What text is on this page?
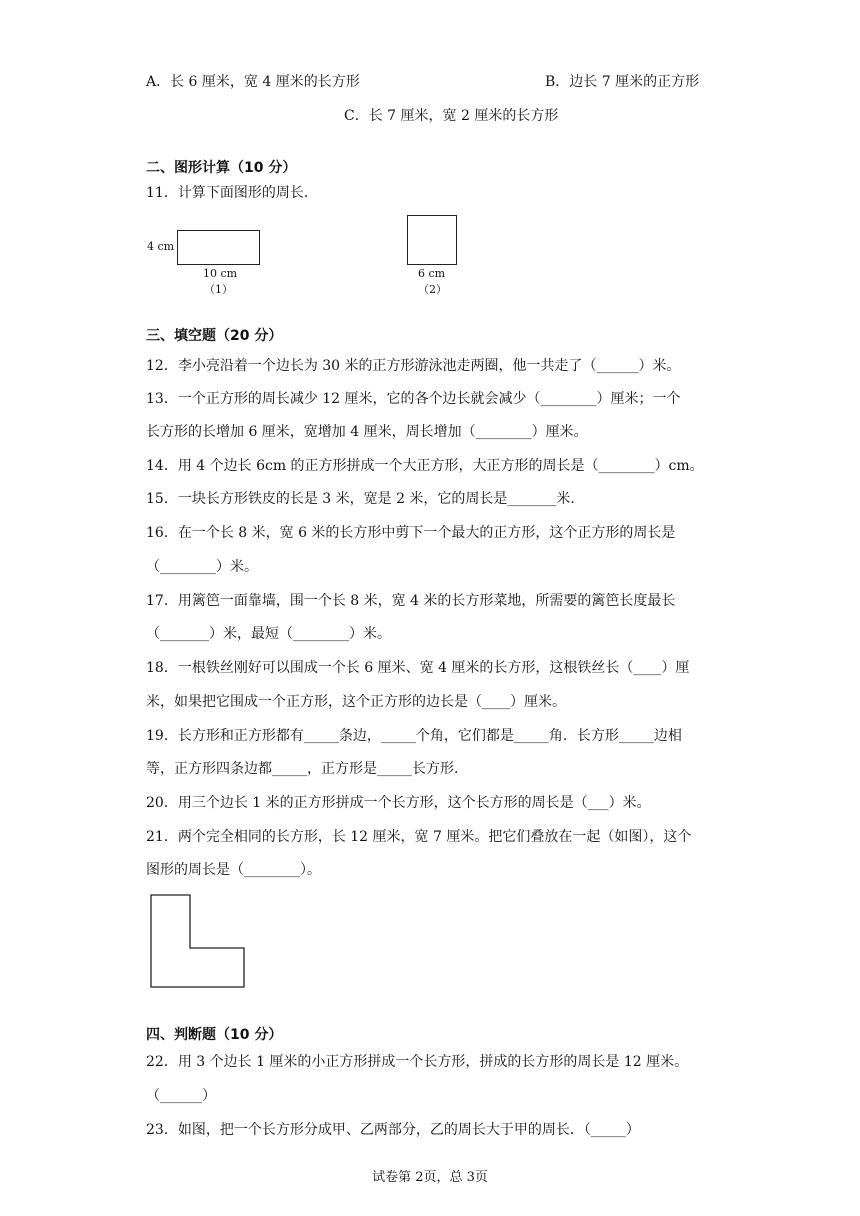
A．长 6 厘米，宽 4 厘米的长方形	B．边长 7 厘米的正方形
C．长 7 厘米，宽 2 厘米的长方形
二、图形计算（10 分）
11．计算下面图形的周长.
4 cm
10 cm
（1）
6 cm
（2）
三、填空题（20 分）
12．李小亮沿着一个边长为 30 米的正方形游泳池走两圈，他一共走了（______）米。
13．一个正方形的周长减少 12 厘米，它的各个边长就会减少（________）厘米；一个
长方形的长增加 6 厘米，宽增加 4 厘米，周长增加（________）厘米。
14．用 4 个边长 6cm 的正方形拼成一个大正方形，大正方形的周长是（________）cm。
15．一块长方形铁皮的长是 3 米，宽是 2 米，它的周长是_______米.
16．在一个长 8 米，宽 6 米的长方形中剪下一个最大的正方形，这个正方形的周长是
（________）米。
17．用篱笆一面靠墙，围一个长 8 米，宽 4 米的长方形菜地，所需要的篱笆长度最长
（_______）米，最短（________）米。
18．一根铁丝刚好可以围成一个长 6 厘米、宽 4 厘米的长方形，这根铁丝长（____）厘
米，如果把它围成一个正方形，这个正方形的边长是（____）厘米。
19．长方形和正方形都有_____条边，_____个角，它们都是_____角．长方形_____边相
等，正方形四条边都_____，正方形是_____长方形.
20．用三个边长 1 米的正方形拼成一个长方形，这个长方形的周长是（___）米。
21．两个完全相同的长方形，长 12 厘米，宽 7 厘米。把它们叠放在一起（如图），这个
图形的周长是（________）。
四、判断题（10 分）
22．用 3 个边长 1 厘米的小正方形拼成一个长方形，拼成的长方形的周长是 12 厘米。
（______）
23．如图，把一个长方形分成甲、乙两部分，乙的周长大于甲的周长．（_____）
试卷第 2页，总 3页
